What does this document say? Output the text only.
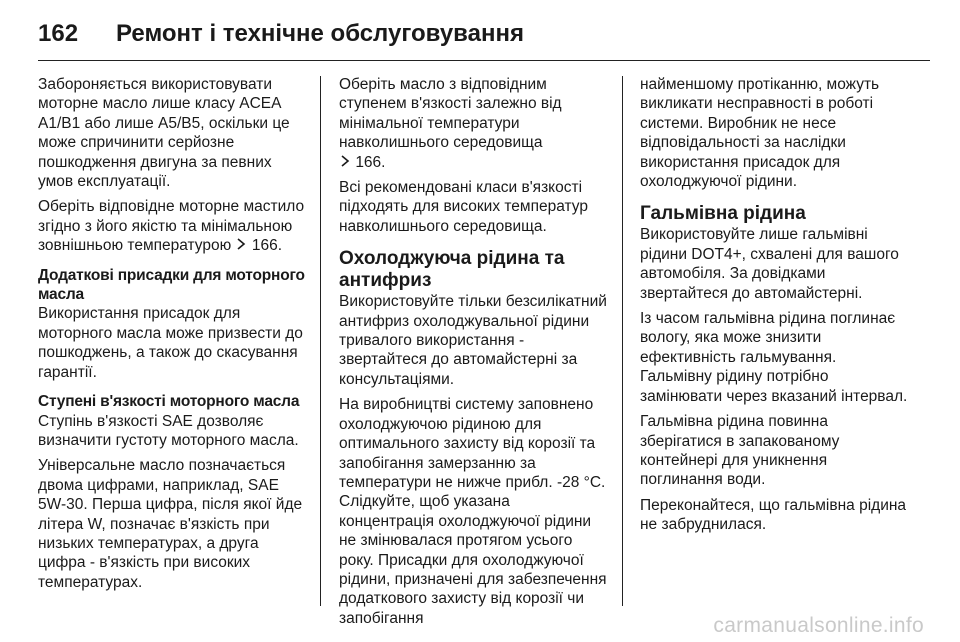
162	Ремонт і технічне обслуговування

Забороняється використовувати моторне масло лише класу ACEA A1/B1 або лише A5/B5, оскільки це може спричинити серйозне пошкодження двигуна за певних умов експлуатації.

Оберіть відповідне моторне мастило згідно з його якістю та мінімальною зовнішньою температурою 166.

Додаткові присадки для моторного масла

Використання присадок для моторного масла може призвести до пошкоджень, а також до скасування гарантії.

Ступені в'язкості моторного масла

Ступінь в'язкості SAE дозволяє визначити густоту моторного масла.

Універсальне масло позначається двома цифрами, наприклад, SAE 5W-30. Перша цифра, після якої йде літера W, позначає в'язкість при низьких температурах, а друга цифра - в'язкість при високих температурах.

Оберіть масло з відповідним ступенем в'язкості залежно від мінімальної температури навколишнього середовища
166.

Всі рекомендовані класи в'язкості підходять для високих температур навколишнього середовища.

Охолоджуюча рідина та антифриз

Використовуйте тільки безсилікатний антифриз охолоджувальної рідини тривалого використання - звертайтеся до автомайстерні за консультаціями.

На виробництві систему заповнено охолоджуючою рідиною для оптимального захисту від корозії та запобігання замерзанню за температури не нижче прибл. -28 °C. Слідкуйте, щоб указана концентрація охолоджуючої рідини не змінювалася протягом усього року. Присадки для охолоджуючої рідини, призначені для забезпечення додаткового захисту від корозії чи запобігання

найменшому протіканню, можуть викликати несправності в роботі системи. Виробник не несе відповідальності за наслідки використання присадок для охолоджуючої рідини.

Гальмівна рідина

Використовуйте лише гальмівні рідини DOT4+, схвалені для вашого автомобіля. За довідками звертайтеся до автомайстерні.

Із часом гальмівна рідина поглинає вологу, яка може знизити ефективність гальмування. Гальмівну рідину потрібно замінювати через вказаний інтервал.

Гальмівна рідина повинна зберігатися в запакованому контейнері для уникнення поглинання води.

Переконайтеся, що гальмівна рідина не забруднилася.

carmanualsonline.info
